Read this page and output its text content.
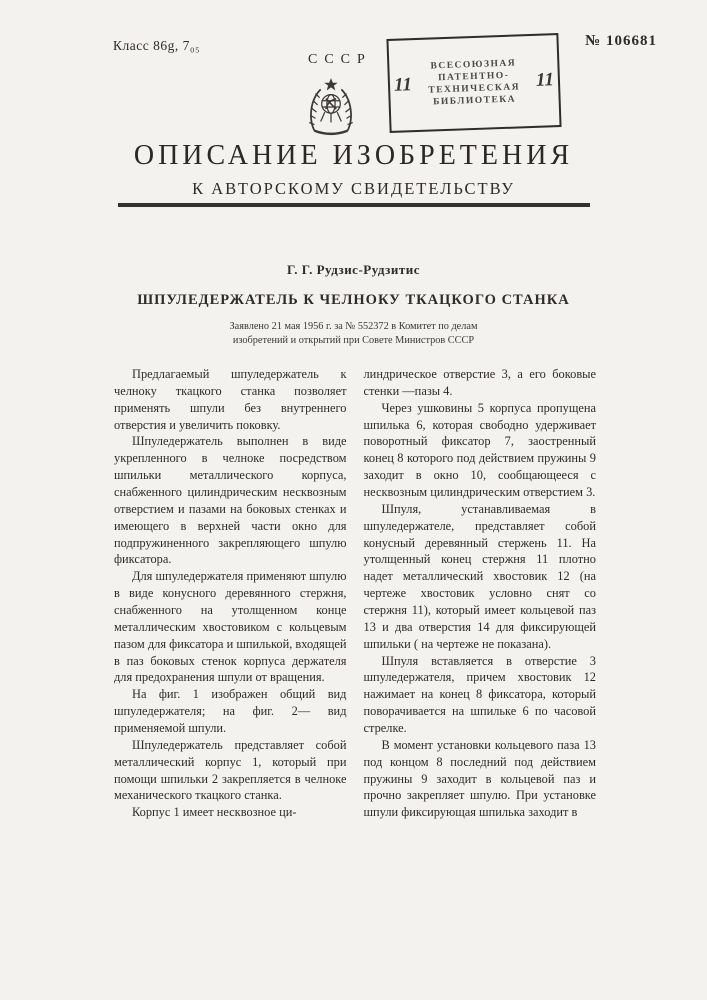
Класс 86g, 7₀₅	№ 106681
СССР
11
ВСЕСОЮЗНАЯ
ПАТЕНТНО-
ТЕХНИЧЕСКАЯ
БИБЛИОТЕКА
11
ОПИСАНИЕ ИЗОБРЕТЕНИЯ
К АВТОРСКОМУ СВИДЕТЕЛЬСТВУ
Г. Г. Рудзис-Рудзитис
ШПУЛЕДЕРЖАТЕЛЬ К ЧЕЛНОКУ ТКАЦКОГО СТАНКА
Заявлено 21 мая 1956 г. за № 552372 в Комитет по делам
изобретений и открытий при Совете Министров СССР

Предлагаемый шпуледержатель к челноку ткацкого станка позволяет применять шпули без внутреннего отверстия и увеличить поковку.

Шпуледержатель выполнен в виде укрепленного в челноке посредством шпильки металлического корпуса, снабженного цилиндрическим несквозным отверстием и пазами на боковых стенках и имеющего в верхней части окно для подпружиненного закрепляющего шпулю фиксатора.

Для шпуледержателя применяют шпулю в виде конусного деревянного стержня, снабженного на утолщенном конце металлическим хвостовиком с кольцевым пазом для фиксатора и шпилькой, входящей в паз боковых стенок корпуса держателя для предохранения шпули от вращения.

На фиг. 1 изображен общий вид шпуледержателя; на фиг. 2— вид применяемой шпули.

Шпуледержатель представляет собой металлический корпус 1, который при помощи шпильки 2 закрепляется в челноке механического ткацкого станка.

Корпус 1 имеет несквозное ци-

линдрическое отверстие 3, а его боковые стенки —пазы 4.

Через ушковины 5 корпуса пропущена шпилька 6, которая свободно удерживает поворотный фиксатор 7, заостренный конец 8 которого под действием пружины 9 заходит в окно 10, сообщающееся с несквозным цилиндрическим отверстием 3.

Шпуля, устанавливаемая в шпуледержателе, представляет собой конусный деревянный стержень 11. На утолщенный конец стержня 11 плотно надет металлический хвостовик 12 (на чертеже хвостовик условно снят со стержня 11), который имеет кольцевой паз 13 и два отверстия 14 для фиксирующей шпильки ( на чертеже не показана).

Шпуля вставляется в отверстие 3 шпуледержателя, причем хвостовик 12 нажимает на конец 8 фиксатора, который поворачивается на шпильке 6 по часовой стрелке.

В момент установки кольцевого паза 13 под концом 8 последний под действием пружины 9 заходит в кольцевой паз и прочно закрепляет шпулю. При установке шпули фиксирующая шпилька заходит в
